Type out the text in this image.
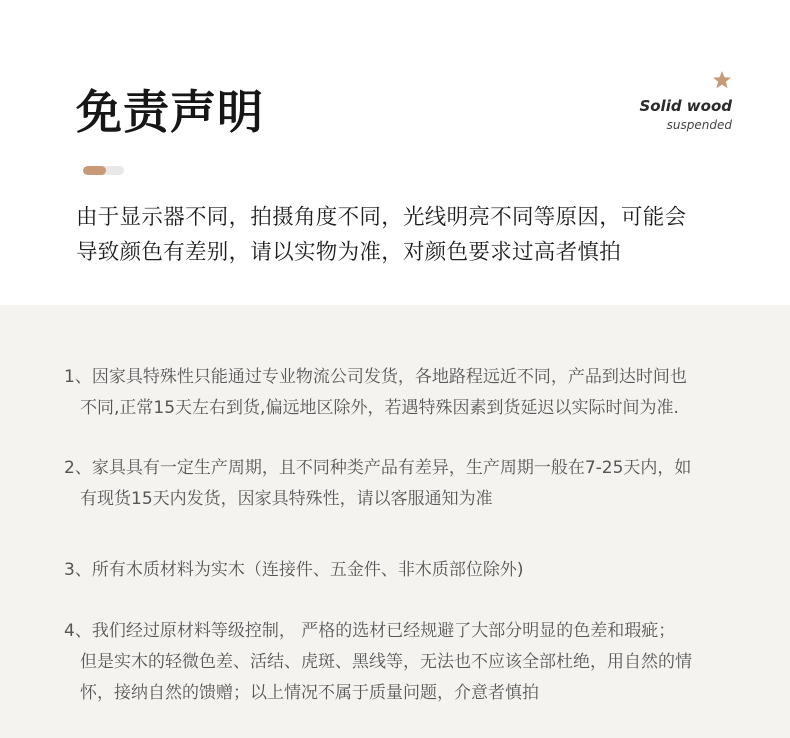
免责声明	Solid wood
suspended
由于显示器不同，拍摄角度不同，光线明亮不同等原因，可能会
导致颜色有差别，请以实物为准，对颜色要求过高者慎拍
1、因家具特殊性只能通过专业物流公司发货，各地路程远近不同，产品到达时间也
不同,正常15天左右到货,偏远地区除外，若遇特殊因素到货延迟以实际时间为准.
2、家具具有一定生产周期，且不同种类产品有差异，生产周期一般在7-25天内，如
有现货15天内发货，因家具特殊性，请以客服通知为准
3、所有木质材料为实木（连接件、五金件、非木质部位除外)
4、我们经过原材料等级控制， 严格的选材已经规避了大部分明显的色差和瑕疵；
但是实木的轻微色差、活结、虎斑、黑线等，无法也不应该全部杜绝，用自然的情
怀，接纳自然的馈赠；以上情况不属于质量问题，介意者慎拍
